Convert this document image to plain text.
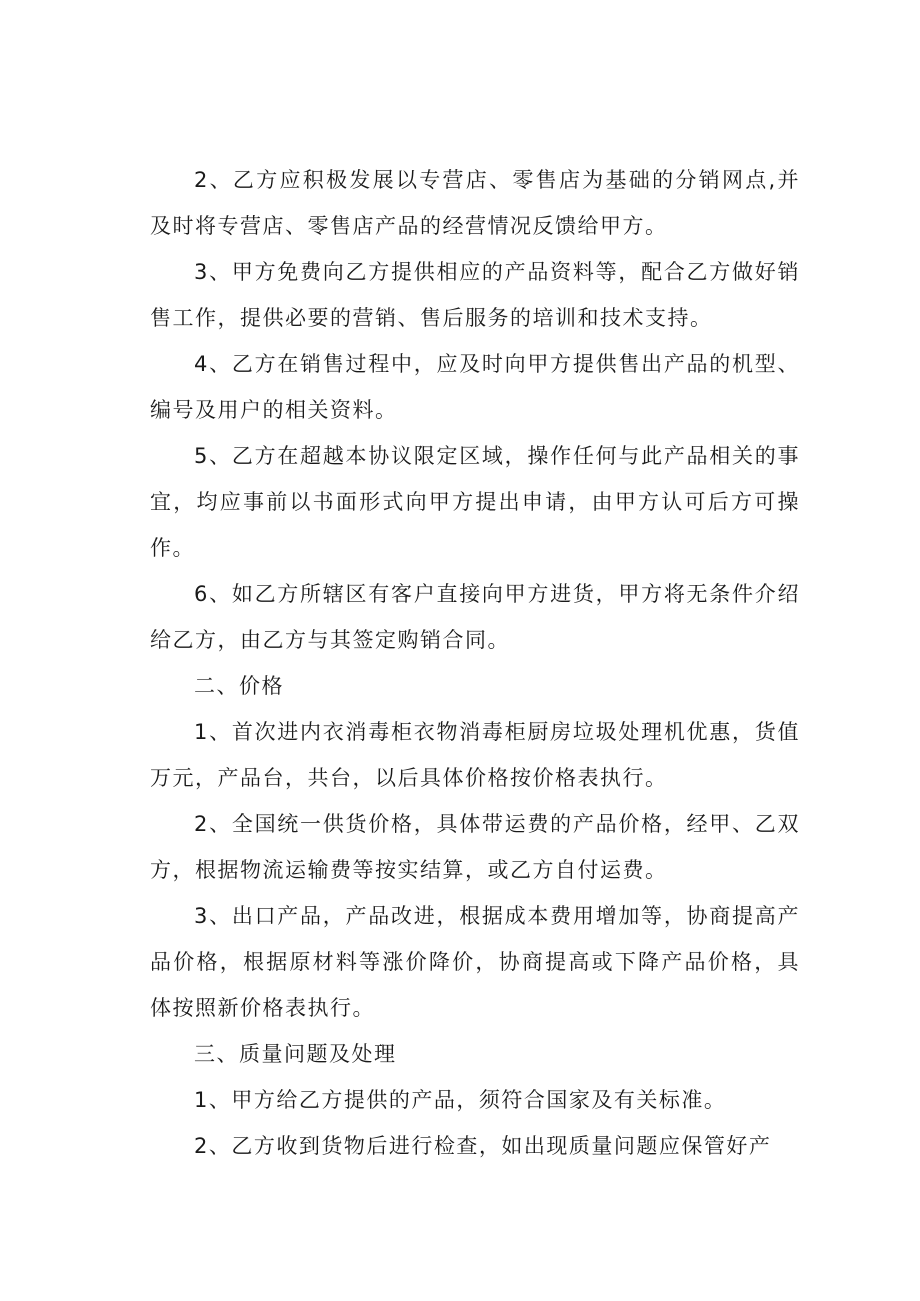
2、乙方应积极发展以专营店、零售店为基础的分销网点,并及时将专营店、零售店产品的经营情况反馈给甲方。

3、甲方免费向乙方提供相应的产品资料等，配合乙方做好销售工作，提供必要的营销、售后服务的培训和技术支持。

4、乙方在销售过程中，应及时向甲方提供售出产品的机型、编号及用户的相关资料。

5、乙方在超越本协议限定区域，操作任何与此产品相关的事宜，均应事前以书面形式向甲方提出申请，由甲方认可后方可操作。

6、如乙方所辖区有客户直接向甲方进货，甲方将无条件介绍给乙方，由乙方与其签定购销合同。

二、价格

1、首次进内衣消毒柜衣物消毒柜厨房垃圾处理机优惠，货值万元，产品台，共台，以后具体价格按价格表执行。

2、全国统一供货价格，具体带运费的产品价格，经甲、乙双方，根据物流运输费等按实结算，或乙方自付运费。

3、出口产品，产品改进，根据成本费用增加等，协商提高产品价格，根据原材料等涨价降价，协商提高或下降产品价格，具体按照新价格表执行。

三、质量问题及处理

1、甲方给乙方提供的产品，须符合国家及有关标准。

2、乙方收到货物后进行检查，如出现质量问题应保管好产
